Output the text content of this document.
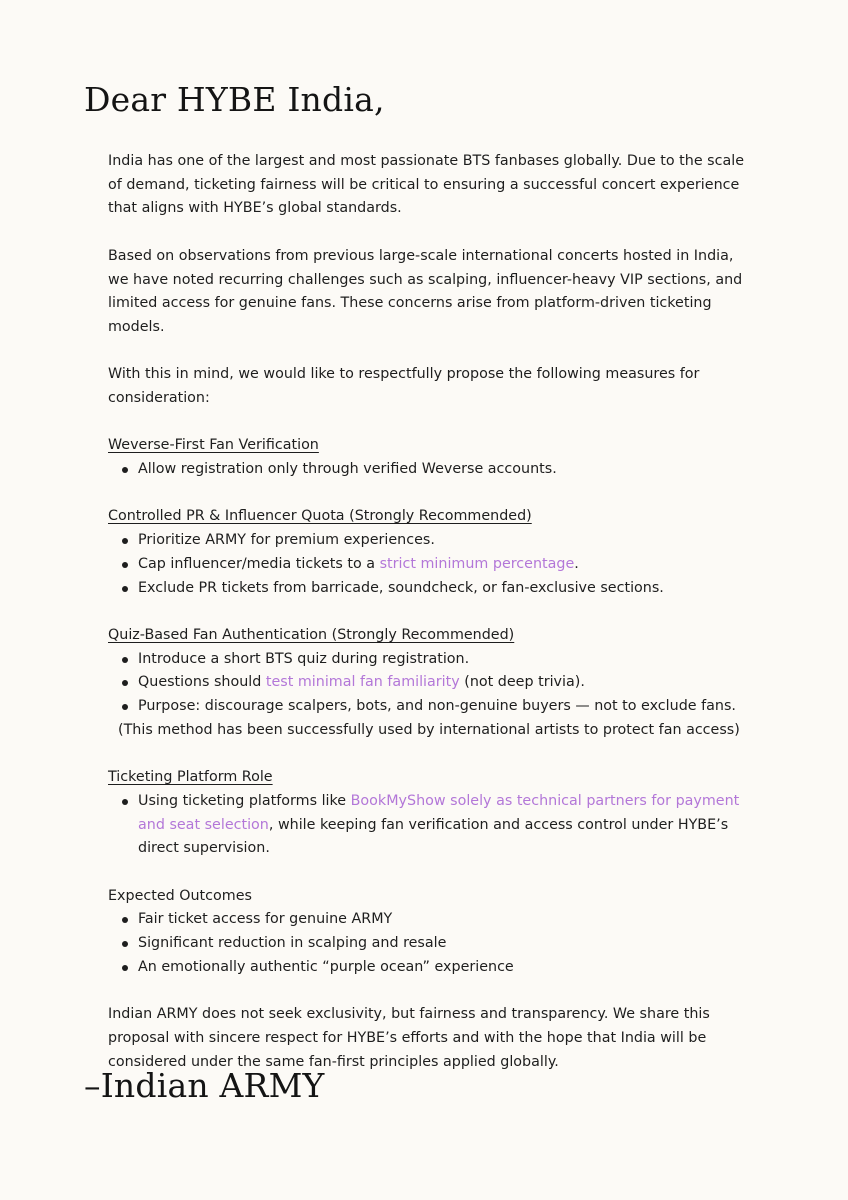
Dear HYBE India,

India has one of the largest and most passionate BTS fanbases globally. Due to the scale of demand, ticketing fairness will be critical to ensuring a successful concert experience that aligns with HYBE’s global standards.

Based on observations from previous large-scale international concerts hosted in India, we have noted recurring challenges such as scalping, influencer-heavy VIP sections, and limited access for genuine fans. These concerns arise from platform-driven ticketing models.

With this in mind, we would like to respectfully propose the following measures for consideration:

Weverse-First Fan Verification

Allow registration only through verified Weverse accounts.

Controlled PR & Influencer Quota (Strongly Recommended)

Prioritize ARMY for premium experiences.
Cap influencer/media tickets to a strict minimum percentage.
Exclude PR tickets from barricade, soundcheck, or fan-exclusive sections.

Quiz-Based Fan Authentication (Strongly Recommended)

Introduce a short BTS quiz during registration.
Questions should test minimal fan familiarity (not deep trivia).
Purpose: discourage scalpers, bots, and non-genuine buyers — not to exclude fans.

(This method has been successfully used by international artists to protect fan access)

Ticketing Platform Role

Using ticketing platforms like BookMyShow solely as technical partners for payment and seat selection, while keeping fan verification and access control under HYBE’s direct supervision.

Expected Outcomes

Fair ticket access for genuine ARMY
Significant reduction in scalping and resale
An emotionally authentic “purple ocean” experience

Indian ARMY does not seek exclusivity, but fairness and transparency. We share this proposal with sincere respect for HYBE’s efforts and with the hope that India will be considered under the same fan-first principles applied globally.

–Indian ARMY
